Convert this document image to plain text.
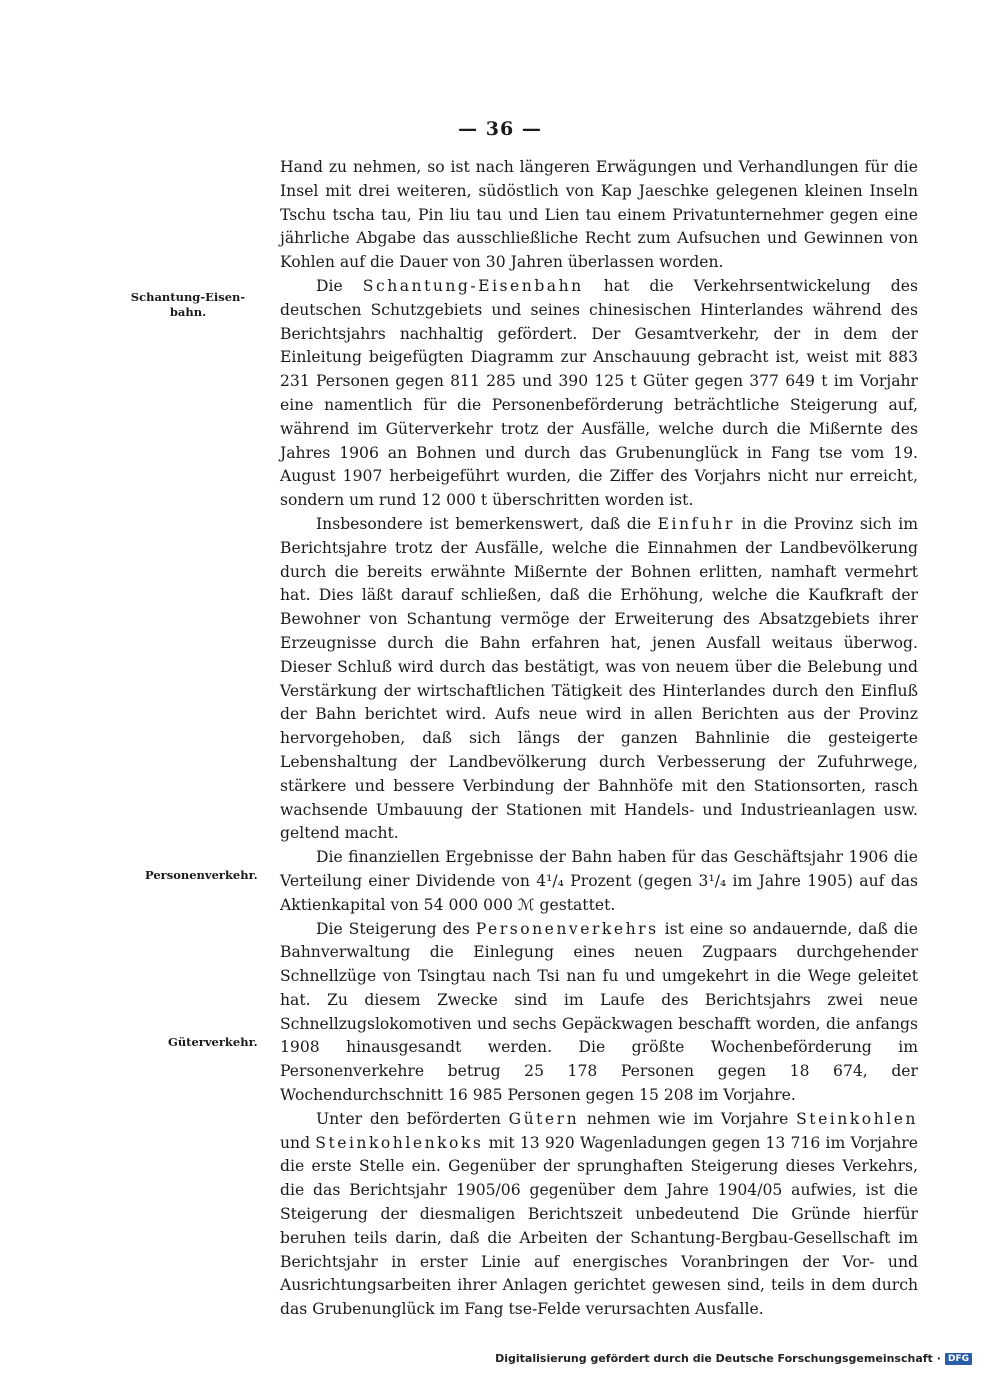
— 36 —
Schantung-Eisen-
bahn.
Personenverkehr.
Güterverkehr.

Hand zu nehmen, so ist nach längeren Erwägungen und Verhandlungen für die Insel mit drei weiteren, südöstlich von Kap Jaeschke gelegenen kleinen Inseln Tschu tscha tau, Pin liu tau und Lien tau einem Privatunternehmer gegen eine jährliche Abgabe das ausschließliche Recht zum Aufsuchen und Gewinnen von Kohlen auf die Dauer von 30 Jahren überlassen worden.

Die Schantung-Eisenbahn hat die Verkehrsentwickelung des deutschen Schutzgebiets und seines chinesischen Hinterlandes während des Berichtsjahrs nachhaltig gefördert. Der Gesamtverkehr, der in dem der Einleitung beigefügten Diagramm zur Anschauung gebracht ist, weist mit 883 231 Personen gegen 811 285 und 390 125 t Güter gegen 377 649 t im Vorjahr eine namentlich für die Personenbeförderung beträchtliche Steigerung auf, während im Güterverkehr trotz der Ausfälle, welche durch die Mißernte des Jahres 1906 an Bohnen und durch das Grubenunglück in Fang tse vom 19. August 1907 herbeigeführt wurden, die Ziffer des Vorjahrs nicht nur erreicht, sondern um rund 12 000 t überschritten worden ist.

Insbesondere ist bemerkenswert, daß die Einfuhr in die Provinz sich im Berichtsjahre trotz der Ausfälle, welche die Einnahmen der Landbevölkerung durch die bereits erwähnte Mißernte der Bohnen erlitten, namhaft vermehrt hat. Dies läßt darauf schließen, daß die Erhöhung, welche die Kaufkraft der Bewohner von Schantung vermöge der Erweiterung des Absatzgebiets ihrer Erzeugnisse durch die Bahn erfahren hat, jenen Ausfall weitaus überwog. Dieser Schluß wird durch das bestätigt, was von neuem über die Belebung und Verstärkung der wirtschaftlichen Tätigkeit des Hinterlandes durch den Einfluß der Bahn berichtet wird. Aufs neue wird in allen Berichten aus der Provinz hervorgehoben, daß sich längs der ganzen Bahnlinie die gesteigerte Lebenshaltung der Landbevölkerung durch Verbesserung der Zufuhrwege, stärkere und bessere Verbindung der Bahnhöfe mit den Stationsorten, rasch wachsende Umbauung der Stationen mit Handels- und Industrieanlagen usw. geltend macht.

Die finanziellen Ergebnisse der Bahn haben für das Geschäftsjahr 1906 die Verteilung einer Dividende von 4¹/₄ Prozent (gegen 3¹/₄ im Jahre 1905) auf das Aktienkapital von 54 000 000 ℳ gestattet.

Die Steigerung des Personenverkehrs ist eine so andauernde, daß die Bahnverwaltung die Einlegung eines neuen Zugpaars durchgehender Schnellzüge von Tsingtau nach Tsi nan fu und umgekehrt in die Wege geleitet hat. Zu diesem Zwecke sind im Laufe des Berichtsjahrs zwei neue Schnellzugslokomotiven und sechs Gepäckwagen beschafft worden, die anfangs 1908 hinausgesandt werden. Die größte Wochenbeförderung im Personenverkehre betrug 25 178 Personen gegen 18 674, der Wochendurchschnitt 16 985 Personen gegen 15 208 im Vorjahre.

Unter den beförderten Gütern nehmen wie im Vorjahre Steinkohlen und Steinkohlenkoks mit 13 920 Wagenladungen gegen 13 716 im Vorjahre die erste Stelle ein. Gegenüber der sprunghaften Steigerung dieses Verkehrs, die das Berichtsjahr 1905/06 gegenüber dem Jahre 1904/05 aufwies, ist die Steigerung der diesmaligen Berichtszeit unbedeutend Die Gründe hierfür beruhen teils darin, daß die Arbeiten der Schantung-Bergbau-Gesellschaft im Berichtsjahr in erster Linie auf energisches Voranbringen der Vor- und Ausrichtungsarbeiten ihrer Anlagen gerichtet gewesen sind, teils in dem durch das Grubenunglück im Fang tse-Felde verursachten Ausfalle.

Digitalisierung gefördert durch die Deutsche Forschungsgemeinschaft · DFG
